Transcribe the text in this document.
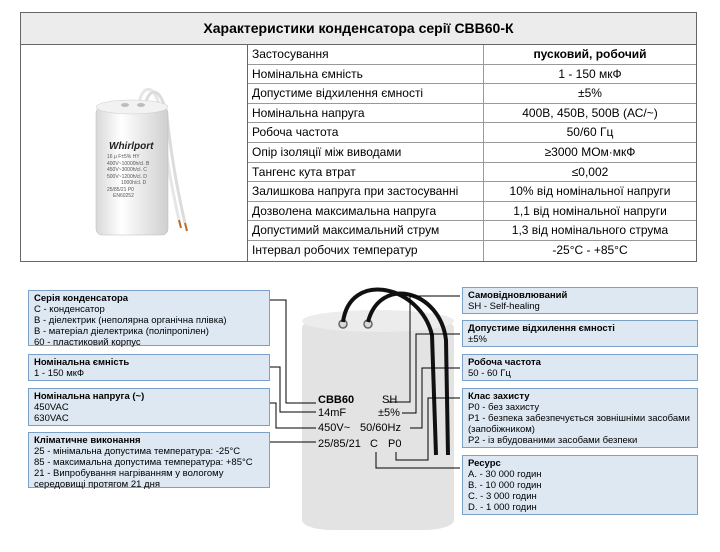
Характеристики конденсатора серії CBB60-К
Whirlport
16 μ F±5% HY
400V~10000h/cl. B
450V~3000h/cl. C
500V~1200h/cl. D
1000h/cl. D
25/85/21 P0
EN60252
Застосування	пусковий, робочий
Номінальна ємність	1 - 150 мкФ
Допустиме відхилення ємності	±5%
Номінальна напруга	400В, 450В, 500В (АС/~)
Робоча частота	50/60 Гц
Опір ізоляції між виводами	≥3000 МОм·мкФ
Тангенс кута втрат	≤0,002
Залишкова напруга при застосуванні	10% від номінальної напруги
Дозволена максимальна напруга	1,1 від номінальної напруги
Допустимий максимальний струм	1,3 від номінального струма
Інтервал робочих температур	-25°С - +85°С
CBB60	SH
14mF	±5%
450V~ 50/60Hz
25/85/21 C P0
Серія конденсатора
C - конденсатор
B - діелектрик (неполярна органічна плівка)
B - матеріал діелектрика (поліпропілен)
60 - пластиковий корпус
Номінальна ємність
1 - 150 мкФ
Номінальна напруга (~)
450VAC
630VAC
Кліматичне виконання
25 - мінімальна допустима температура: -25°С
85 - максимальна допустима температура: +85°С
21 - Випробування нагріванням у вологому
середовищі протягом 21 дня
Самовідновлюваний
SH - Self-healing
Допустиме відхилення ємності
±5%
Робоча частота
50 - 60 Гц
Клас захисту
P0 - без захисту
P1 - безпека забезпечується зовнішніми засобами
(запобіжником)
P2 - із вбудованими засобами безпеки
Ресурс
A. - 30 000 годин
B. - 10 000 годин
C. - 3 000 годин
D. - 1 000 годин
